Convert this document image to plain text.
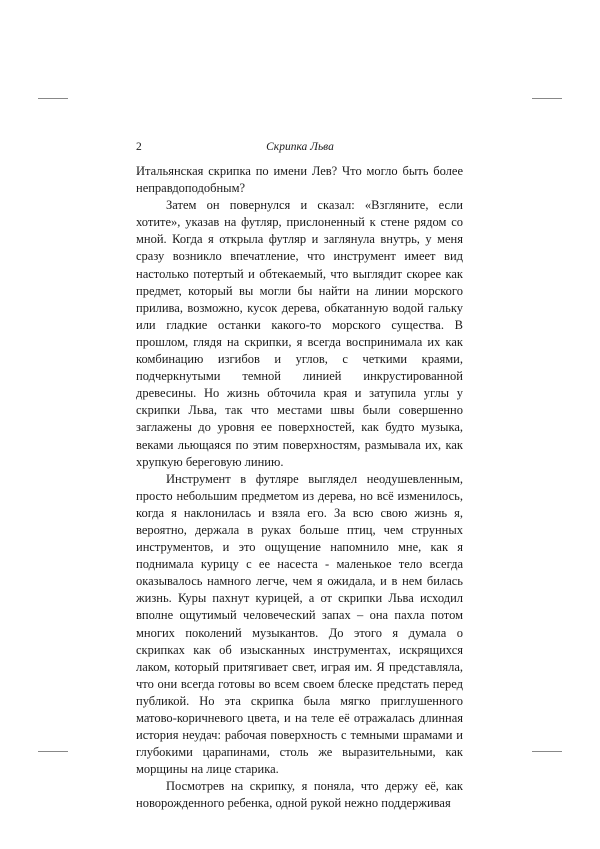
2	Скрипка Льва

Итальянская скрипка по имени Лев? Что могло быть более неправдоподобным?

Затем он повернулся и сказал: «Взгляните, если хотите», указав на футляр, прислоненный к стене рядом со мной. Когда я открыла футляр и заглянула внутрь, у меня сразу возникло впечатление, что инструмент имеет вид настолько потертый и обтекаемый, что выглядит скорее как предмет, который вы могли бы найти на линии морского прилива, возможно, кусок дерева, обкатанную водой гальку или гладкие останки какого-то морского существа. В прошлом, глядя на скрипки, я всегда воспринимала их как комбинацию изгибов и углов, с четкими краями, подчеркнутыми темной линией инкрустированной древесины. Но жизнь обточила края и затупила углы у скрипки Льва, так что местами швы были совершенно заглажены до уровня ее поверхностей, как будто музыка, веками льющаяся по этим поверхностям, размывала их, как хрупкую береговую линию.

Инструмент в футляре выглядел неодушевленным, просто небольшим предметом из дерева, но всё изменилось, когда я наклонилась и взяла его. За всю свою жизнь я, вероятно, держала в руках больше птиц, чем струнных инструментов, и это ощущение напомнило мне, как я поднимала курицу с ее насеста - маленькое тело всегда оказывалось намного легче, чем я ожидала, и в нем билась жизнь. Куры пахнут курицей, а от скрипки Льва исходил вполне ощутимый человеческий запах – она пахла потом многих поколений музыкантов. До этого я думала о скрипках как об изысканных инструментах, искрящихся лаком, который притягивает свет, играя им. Я представляла, что они всегда готовы во всем своем блеске предстать перед публикой. Но эта скрипка была мягко приглушенного матово-коричневого цвета, и на теле её отражалась длинная история неудач: рабочая поверхность с темными шрамами и глубокими царапинами, столь же выразительными, как морщины на лице старика.

Посмотрев на скрипку, я поняла, что держу её, как новорожденного ребенка, одной рукой нежно поддерживая
